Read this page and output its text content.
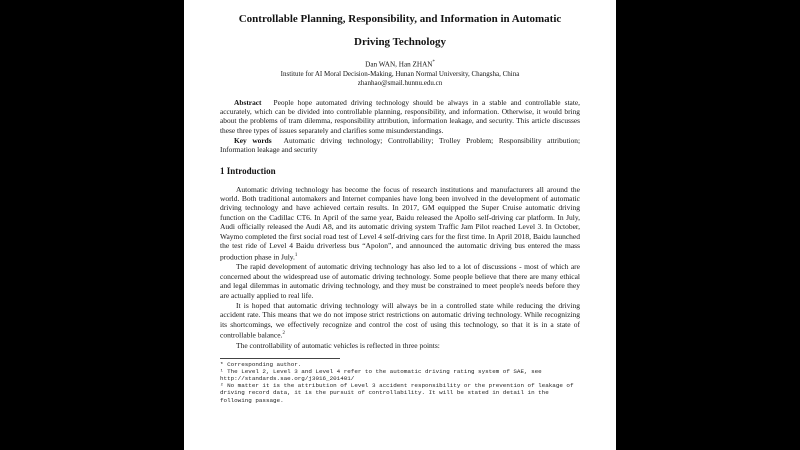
Controllable Planning, Responsibility, and Information in Automatic
Driving Technology
Dan WAN, Han ZHAN*
Institute for AI Moral Decision-Making, Hunan Normal University, Changsha, China
zhanhao@smail.hunnu.edu.cn

Abstract People hope automated driving technology should be always in a stable and controllable state, accurately, which can be divided into controllable planning, responsibility, and information. Otherwise, it would bring about the problems of tram dilemma, responsibility attribution, information leakage, and security. This article discusses these three types of issues separately and clarifies some misunderstandings.

Key words Automatic driving technology; Controllability; Trolley Problem; Responsibility attribution; Information leakage and security

1 Introduction

Automatic driving technology has become the focus of research institutions and manufacturers all around the world. Both traditional automakers and Internet companies have long been involved in the development of automatic driving technology and have achieved certain results. In 2017, GM equipped the Super Cruise automatic driving function on the Cadillac CT6. In April of the same year, Baidu released the Apollo self-driving car platform. In July, Audi officially released the Audi A8, and its automatic driving system Traffic Jam Pilot reached Level 3. In October, Waymo completed the first social road test of Level 4 self-driving cars for the first time. In April 2018, Baidu launched the test ride of Level 4 Baidu driverless bus “Apolon”, and announced the automatic driving bus entered the mass production phase in July.$^1$

The rapid development of automatic driving technology has also led to a lot of discussions - most of which are concerned about the widespread use of automatic driving technology. Some people believe that there are many ethical and legal dilemmas in automatic driving technology, and they must be constrained to meet people's needs before they are actually applied to real life.

It is hoped that automatic driving technology will always be in a controlled state while reducing the driving accident rate. This means that we do not impose strict restrictions on automatic driving technology. While recognizing its shortcomings, we effectively recognize and control the cost of using this technology, so that it is in a state of controllable balance.$^2$

The controllability of automatic vehicles is reflected in three points:

* Corresponding author.
¹ The Level 2, Level 3 and Level 4 refer to the automatic driving rating system of SAE, see http://standards.sae.org/j3016_201401/
² No matter it is the attribution of Level 3 accident responsibility or the prevention of leakage of driving record data, it is the pursuit of controllability. It will be stated in detail in the following passage.
